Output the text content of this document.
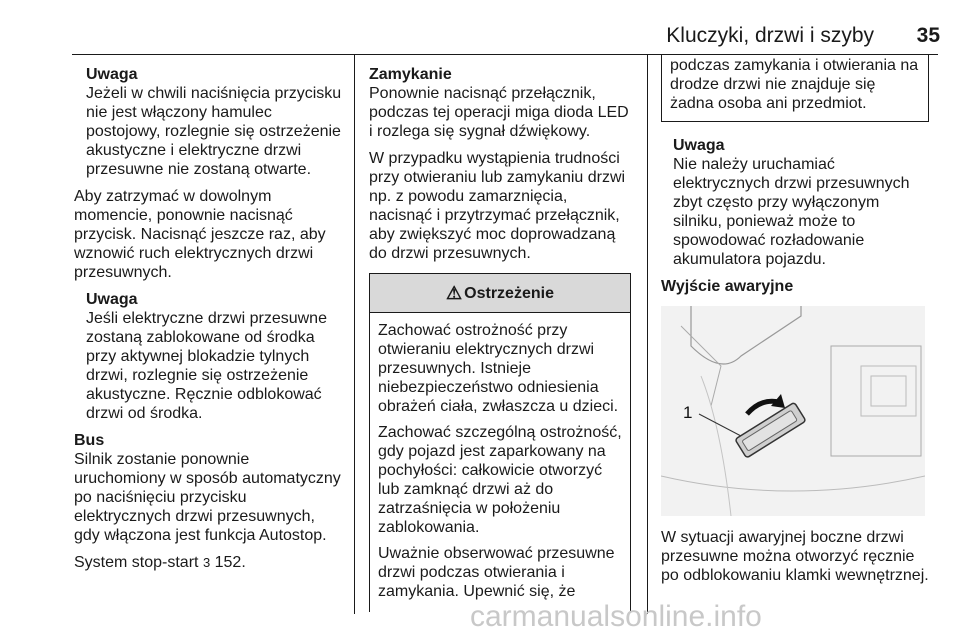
Kluczyki, drzwi i szyby	35
Uwaga
Jeżeli w chwili naciśnięcia przycisku nie jest włączony hamulec postojowy, rozlegnie się ostrzeżenie akustyczne i elektryczne drzwi przesuwne nie zostaną otwarte.

Aby zatrzymać w dowolnym momencie, ponownie nacisnąć przycisk. Nacisnąć jeszcze raz, aby wznowić ruch elektrycznych drzwi przesuwnych.

Uwaga
Jeśli elektryczne drzwi przesuwne zostaną zablokowane od środka przy aktywnej blokadzie tylnych drzwi, rozlegnie się ostrzeżenie akustyczne. Ręcznie odblokować drzwi od środka.

Bus
Silnik zostanie ponownie uruchomiony w sposób automatyczny po naciśnięciu przycisku elektrycznych drzwi przesuwnych, gdy włączona jest funkcja Autostop.

System stop-start 3 152.

Zamykanie
Ponownie nacisnąć przełącznik, podczas tej operacji miga dioda LED i rozlega się sygnał dźwiękowy.

W przypadku wystąpienia trudności przy otwieraniu lub zamykaniu drzwi np. z powodu zamarznięcia, nacisnąć i przytrzymać przełącznik, aby zwiększyć moc doprowadzaną do drzwi przesuwnych.

⚠ Ostrzeżenie

Zachować ostrożność przy otwieraniu elektrycznych drzwi przesuwnych. Istnieje niebezpieczeństwo odniesienia obrażeń ciała, zwłaszcza u dzieci.

Zachować szczególną ostrożność, gdy pojazd jest zaparkowany na pochyłości: całkowicie otworzyć lub zamknąć drzwi aż do zatrzaśnięcia w położeniu zablokowania.

Uważnie obserwować przesuwne drzwi podczas otwierania i zamykania. Upewnić się, że

podczas zamykania i otwierania na drodze drzwi nie znajduje się żadna osoba ani przedmiot.
Uwaga
Nie należy uruchamiać elektrycznych drzwi przesuwnych zbyt często przy wyłączonym silniku, ponieważ może to spowodować rozładowanie akumulatora pojazdu.
Wyjście awaryjne
1

W sytuacji awaryjnej boczne drzwi przesuwne można otworzyć ręcznie po odblokowaniu klamki wewnętrznej.

carmanualsonline.info
